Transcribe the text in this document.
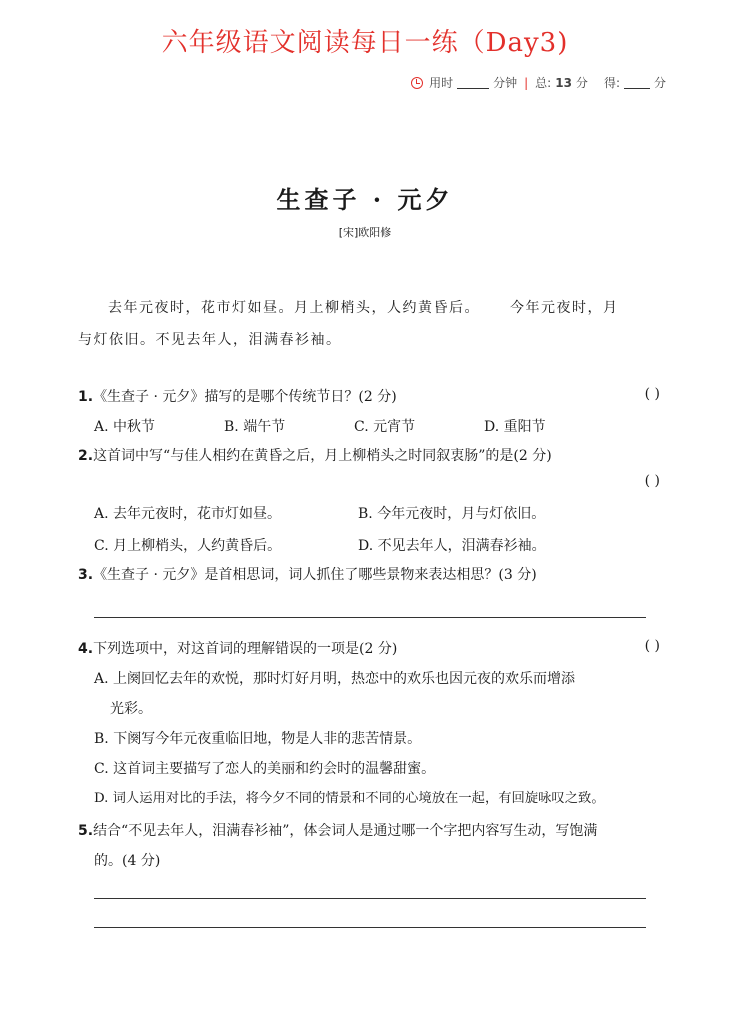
六年级语文阅读每日一练（Day3)
用时	分钟 | 总: 13 分 得:	分
生查子 · 元夕
[宋]欧阳修
去年元夜时，花市灯如昼。月上柳梢头，人约黄昏后。 今年元夜时，月
与灯依旧。不见去年人，泪满春衫袖。
1.《生查子 · 元夕》描写的是哪个传统节日？(2 分)	( )
A. 中秋节	B. 端午节	C. 元宵节	D. 重阳节
2.这首词中写“与佳人相约在黄昏之后，月上柳梢头之时同叙衷肠”的是(2 分)
( )
A. 去年元夜时，花市灯如昼。	B. 今年元夜时，月与灯依旧。
C. 月上柳梢头，人约黄昏后。	D. 不见去年人，泪满春衫袖。
3.《生查子 · 元夕》是首相思词，词人抓住了哪些景物来表达相思？(3 分)
4.下列选项中，对这首词的理解错误的一项是(2 分)	( )
A. 上阕回忆去年的欢悦，那时灯好月明，热恋中的欢乐也因元夜的欢乐而增添
光彩。
B. 下阕写今年元夜重临旧地，物是人非的悲苦情景。
C. 这首词主要描写了恋人的美丽和约会时的温馨甜蜜。
D. 词人运用对比的手法，将今夕不同的情景和不同的心境放在一起，有回旋咏叹之致。
5.结合“不见去年人，泪满春衫袖”，体会词人是通过哪一个字把内容写生动，写饱满
的。(4 分)
